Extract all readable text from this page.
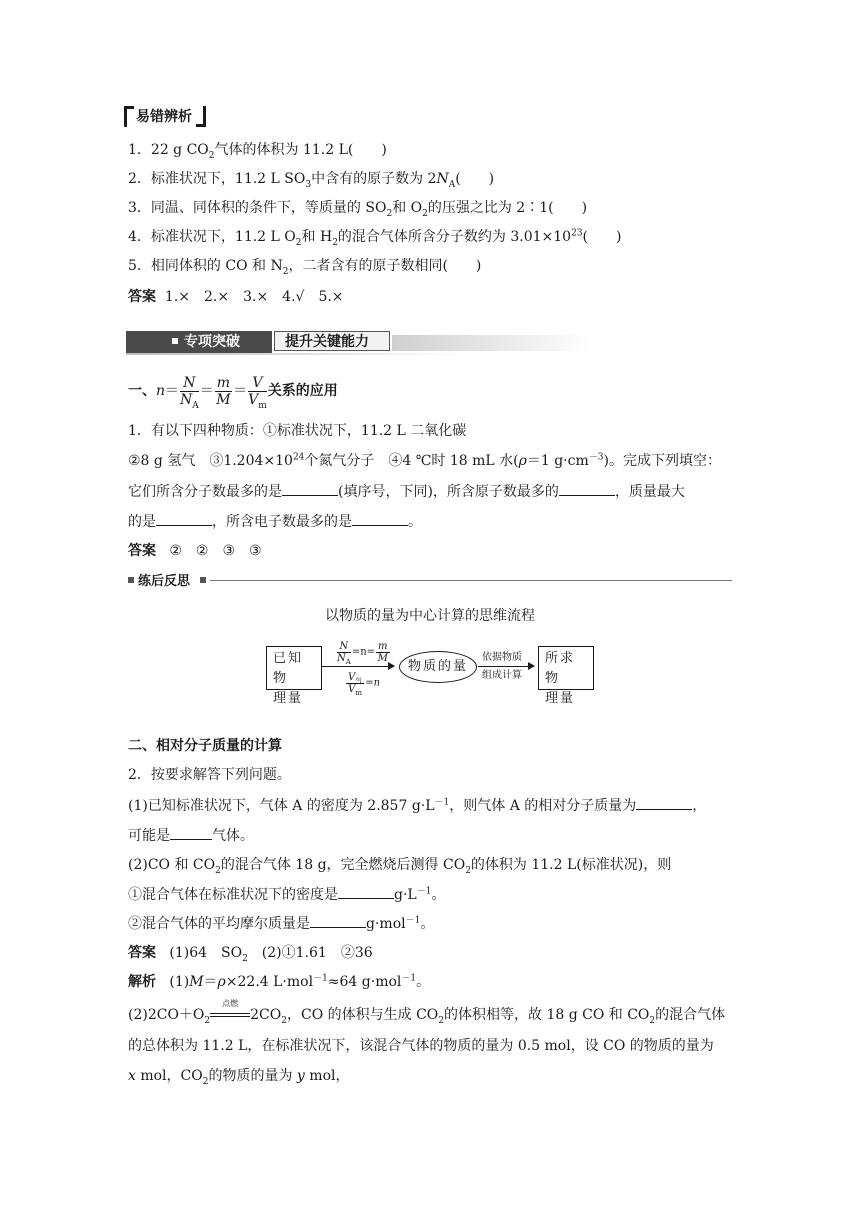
易错辨析
1．22 g $CO_2$气体的体积为 11.2 L(　　)
2．标准状况下，11.2 L $SO_3$中含有的原子数为 $2N_A$(　　)
3．同温、同体积的条件下，等质量的 $SO_2$和 $O_2$的压强之比为 2∶1(　　)
4．标准状况下，11.2 L $O_2$和 $H_2$的混合气体所含分子数约为 $3.01\times 10^{23}$(　　)
5．相同体积的 CO 和 $N_2$，二者含有的原子数相同(　　)
答案 1.×　2.×　3.×　4.√　5.×
专项突破	提升关键能力
一、$n= \frac{N}{N_A} = \frac{m}{M} = \frac{V}{V_m}$ 关系的应用
1．有以下四种物质：①标准状况下，11.2 L 二氧化碳
②8 g 氢气　$③1.204\times 10^{24}$个氮气分子　④4 ℃时 18 mL 水(ρ＝1 $g\cdot cm^{-3}$)。完成下列填空：
它们所含分子数最多的是	(填序号，下同)，所含原子数最多的	，质量最大
的是	，所含电子数最多的是	。
答案 ②　②　③　③
练后反思
以物质的量为中心计算的思维流程
已知物
理量
$\frac{N}{N_A} =n= \frac{m}{M}$
$\frac{V_气}{V_m} =n$
物质的量
依据物质
组成计算
所求物
理量
二、相对分子质量的计算
2．按要求解答下列问题。
(1)已知标准状况下，气体 A 的密度为 2.857 $g\cdot L^{-1}$，则气体 A 的相对分子质量为	，
可能是	气体。
(2)CO 和 $CO_2$的混合气体 18 g，完全燃烧后测得 $CO_2$的体积为 11.2 L(标准状况)，则
①混合气体在标准状况下的密度是	$g\cdot L^{-1}$。
②混合气体的平均摩尔质量是	g·mol$^{-1}$。
答案 (1)64　$SO_2$　(2)①1.61　②36
解析 (1)M＝ρ×22.4 L·mol$^{-1}$≈64 g·mol$^{-1}$。
$(2)2CO+O_2$
点燃
$2CO_2$，CO 的体积与生成 $CO_2$的体积相等，故 18 g CO 和 $CO_2$的混合气体
的总体积为 11.2 L，在标准状况下，该混合气体的物质的量为 0.5 mol，设 CO 的物质的量为
x mol，$CO_2$的物质的量为 y mol，
